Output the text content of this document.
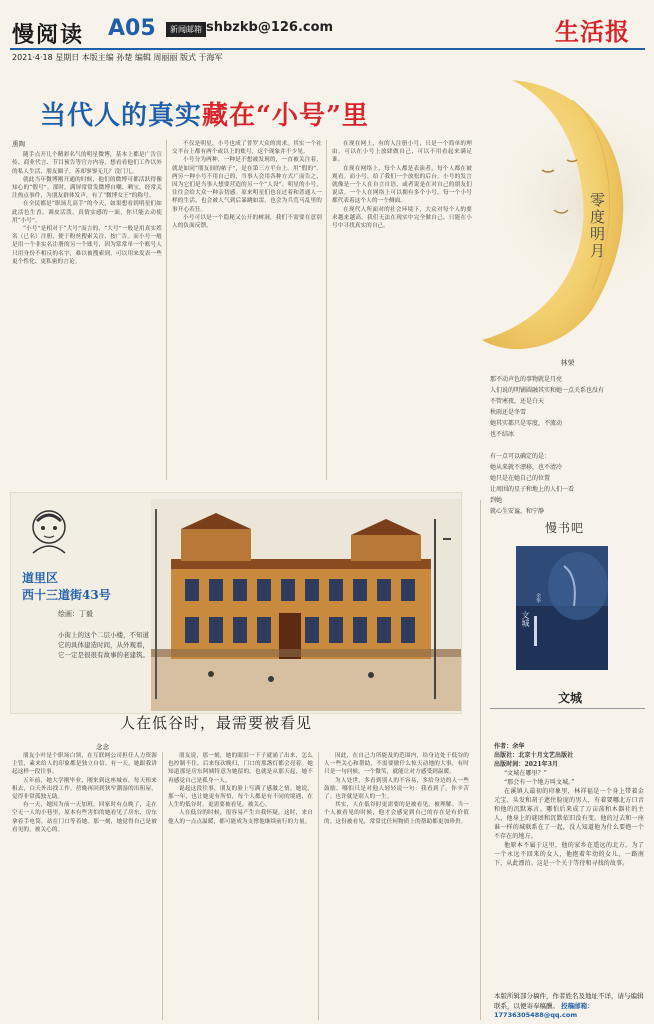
慢阅读 A05	新闻邮箱 shbzkb@126.com	生活报
2021·4·18 星期日 本版主编 孙楚 编辑 周丽丽 版式 于海军
零度明月
林荣
那不动声色的事物就是月亮
人们说的明铺圆融其实和她一点关系也没有
不管寒夜，还是白天
秋雨还是冬雪
她其实都只是零度，不流动
也不结冰

有一点可以确定的是：
她从来就不漂移，也不清冷
她只是在她自己的位置
让周围的星子和地上的人们一看
到她
就心生安谧，和宁静
当代人的真实藏在“小号”里
熏陶

随手点开几个精彩名气的明星微博，基本上都是广告宣传、商业代言、节目预告等官方内容，想看看他们工作以外的私人生活、朋友圈子，善却寥寥无几？没门儿。

就此当年微博刚开通的时候，他们的微博可都活跃得像知心的“假号”。那时，满屏常常发微博自嘲、晒宝，经常关注热点事件，为朋友群体发声，有了“微博女王”的称号。

在全民都是“职场儿高手”的今天，如果想看到明星们如此活色生香、调皮活泼、真情实感的一面，你只能去动使用“小号”。

“小号”是相对于“大号”而言的，“大号”一般是用真实姓名（已名）注册，便于粉丝搜索关注、按广告。而小号一般是用一个非实名注册的另一个账号，因为常常单一个账号人只用身份不相反的名字，难以被搜索到，可以用来发表一些更个性化、更私密的言论。

不仅是明星，小号也成了普罗大众的需求。其实一个社交平台上都有两个或以上的账号，这个现象并不少见。

小号分为两种，一种是不想被发现的，一直被关注着，就是如同“朋友间的帖子”，是在第三方平台上。用“假的”。两另一种小号不用自己的，当事人会用各种方式广而告之，因为它们是当事人想要营造的另一个“人设”。明星的小号，往往会给大众一种亲切感。原来明星们也在过着和普通人一样的生活，也会被人气到后暴跳如雷，也会为兵荒马乱里的事开心若狂。

小号可以是一个隐秘又公开的树洞，我们不需要在意别人的负面反馈。

在现在网上，有的人注册小号，只是一个简单的理由，可以在小号上放肆做自己，可以不用看起来满足谁。

在现在网络上，每个人都是表演者，每个人都在被观看。而小号，给了我们一个放松的后台。小号的发言就像是一个人在自言自语，或者说是在对自己的朋友们说话。一个人在网络上可以拥有多个小号，每一个小号都代表着这个人的一个侧面。

在现代人所面对的社会环境下，大众对每个人的要求越来越高。我们无法在现实中完全做自己，只能在小号中寻找真实的自己。

道里区
西十三道街43号
绘画：丁毅
小街上的这个二层小楼，不知道它的具体建造时间，从外观看，它一定是很很有故事的老建筑。
人在低谷时，最需要被看见
念念

朋友小叶是个职场白领，在互联网公司担任人力资源主管，素来给人的印象都是独立自信。有一天，她跟我讲起这样一段往事。

五年前，她大学刚毕业，刚来到这座城市，每天租来租去，白天外出找工作，傍晚再回到狭窄潮湿的出租屋，觉得非常孤独无助。

有一天，她因为前一天加班，回家时有点晚了，走在空无一人的小巷里，原本有些害怕的她看见了房东，房东拿着手电筒，站在门口等着她。那一刻，她觉得自己是被看见的，被关心的。

朋友说，那一刻，她的眼泪一下子就涌了出来，怎么也控制不住。后来每次晚归，门口的那盏灯都会亮着。她知道那是房东阿姨特意为她留的。也就是从那天起，她不再感觉自己是孤身一人。

说起这段往事，朋友的脸上写满了感激之情。她说，那一年，也让她更有所悟，每个人都是有不同的境遇，在人生的低谷时，更需要被看见，被关心。

人在低谷的时候，很容易产生自我怀疑。这时，来自他人的一点点温暖，都可能成为支撑他继续前行的力量。

因此，在自己力所能及的范围内，给身边处于低谷的人一些关心和帮助，不需要做什么惊天动地的大事，有时只是一句问候，一个微笑，就能让对方感受到温暖。

为人处世，多看到别人的不容易，多给身边的人一些鼓励，哪怕只是对他人轻轻说一句：我看到了，你辛苦了。也许就是别人的一生。

其实，人在低谷时更需要的是被看见，被理解。当一个人被看见的时候，他才会感觉到自己的存在是有价值的。这份被看见，常常比任何物质上的帮助都更加珍贵。

慢书吧
文城
余华
文城
作者：余华
出版社：北京十月文艺出版社
出版时间：2021年3月
“文城在哪里？”
“那会有一个地方叫文城。”
在溪镇人最初的印象里，林祥福是一个身上带着金元宝、头发和胡子遮住脸庞的男人，有着要哪北方口音和他的沉默寡言。哪怕后来成了万亩荡和木器社的主人，他身上的谜团和沉默依旧没有变。他的过去和一座谁一样的城联系在了一起，没人知道他为什么要抱一个不存在的地方。
他原本不属于这里，他的家乡在遥远的北方。为了一个永远不回来的女人，他抱着年幼的女儿，一路南下，从此漂泊。这是一个关于等待和寻找的故事。
本版所辑部分稿件，作者姓名及地址不详，请与编辑联系，以便寄奉稿酬。 投稿邮箱：17736305488@qq.com
